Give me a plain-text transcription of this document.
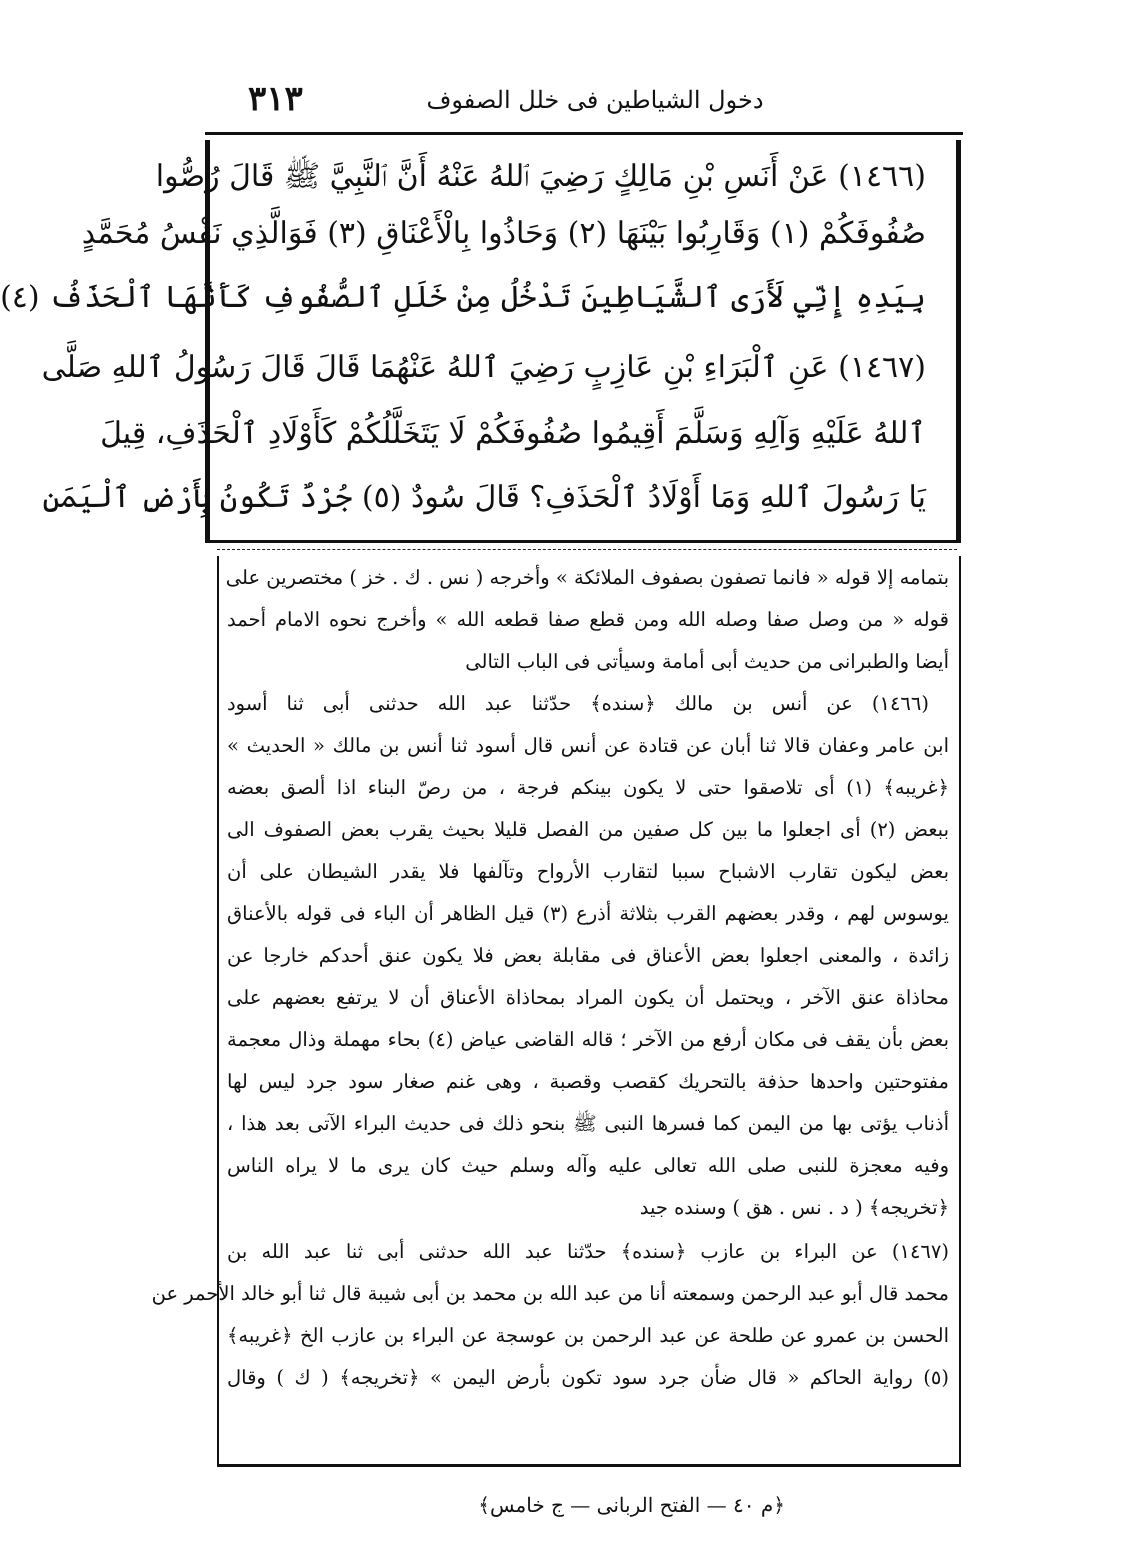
دخول الشياطين فى خلل الصفوف
٣١٣
(١٤٦٦) عَنْ أَنَسِ بْنِ مَالِكٍ رَضِيَ ٱللهُ عَنْهُ أَنَّ ٱلنَّبِيَّ ﷺ قَالَ رُصُّوا
صُفُوفَكُمْ (١) وَقَارِبُوا بَيْنَهَا (٢) وَحَاذُوا بِالْأَعْنَاقِ (٣) فَوَالَّذِي نَفْسُ مُحَمَّدٍ
بِيَدِهِ إِنِّي لَأَرَى ٱلشَّيَاطِينَ تَدْخُلُ مِنْ خَلَلِ ٱلصُّفُوفِ كَأَنَّهَا ٱلْحَذَفُ (٤)
(١٤٦٧) عَنِ ٱلْبَرَاءِ بْنِ عَازِبٍ رَضِيَ ٱللهُ عَنْهُمَا قَالَ قَالَ رَسُولُ ٱللهِ صَلَّى
ٱللهُ عَلَيْهِ وَآلِهِ وَسَلَّمَ أَقِيمُوا صُفُوفَكُمْ لَا يَتَخَلَّلُكُمْ كَأَوْلَادِ ٱلْحَذَفِ، قِيلَ
يَا رَسُولَ ٱللهِ وَمَا أَوْلَادُ ٱلْحَذَفِ؟ قَالَ سُودٌ (٥) جُرْدٌ تَكُونُ بِأَرْضِ ٱلْيَمَنِ
بتمامه إلا قوله « فانما تصفون بصفوف الملائكة » وأخرجه ( نس . ك . خز ) مختصرين على
قوله « من وصل صفا وصله الله ومن قطع صفا قطعه الله » وأخرج نحوه الامام أحمد
أيضا والطبرانى من حديث أبى أمامة وسيأتى فى الباب التالى
(١٤٦٦) عن أنس بن مالك ﴿سنده﴾ حدّثنا عبد الله حدثنى أبى ثنا أسود
ابن عامر وعفان قالا ثنا أبان عن قتادة عن أنس قال أسود ثنا أنس بن مالك « الحديث »
﴿غريبه﴾ (١) أى تلاصقوا حتى لا يكون بينكم فرجة ، من رصّ البناء اذا ألصق بعضه
ببعض (٢) أى اجعلوا ما بين كل صفين من الفصل قليلا بحيث يقرب بعض الصفوف الى
بعض ليكون تقارب الاشباح سببا لتقارب الأرواح وتآلفها فلا يقدر الشيطان على أن
يوسوس لهم ، وقدر بعضهم القرب بثلاثة أذرع (٣) قيل الظاهر أن الباء فى قوله بالأعناق
زائدة ، والمعنى اجعلوا بعض الأعناق فى مقابلة بعض فلا يكون عنق أحدكم خارجا عن
محاذاة عنق الآخر ، ويحتمل أن يكون المراد بمحاذاة الأعناق أن لا يرتفع بعضهم على
بعض بأن يقف فى مكان أرفع من الآخر ؛ قاله القاضى عياض (٤) بحاء مهملة وذال معجمة
مفتوحتين واحدها حذفة بالتحريك كقصب وقصبة ، وهى غنم صغار سود جرد ليس لها
أذناب يؤتى بها من اليمن كما فسرها النبى ﷺ بنحو ذلك فى حديث البراء الآتى بعد هذا ،
وفيه معجزة للنبى صلى الله تعالى عليه وآله وسلم حيث كان يرى ما لا يراه الناس
﴿تخريجه﴾ ( د . نس . هق ) وسنده جيد
(١٤٦٧) عن البراء بن عازب ﴿سنده﴾ حدّثنا عبد الله حدثنى أبى ثنا عبد الله بن
محمد قال أبو عبد الرحمن وسمعته أنا من عبد الله بن محمد بن أبى شيبة قال ثنا أبو خالد الأحمر عن
الحسن بن عمرو عن طلحة عن عبد الرحمن بن عوسجة عن البراء بن عازب الخ ﴿غريبه﴾
(٥) رواية الحاكم « قال ضأن جرد سود تكون بأرض اليمن » ﴿تخريجه﴾ ( ك ) وقال
﴿م ٤٠ — الفتح الربانى — ج خامس﴾
